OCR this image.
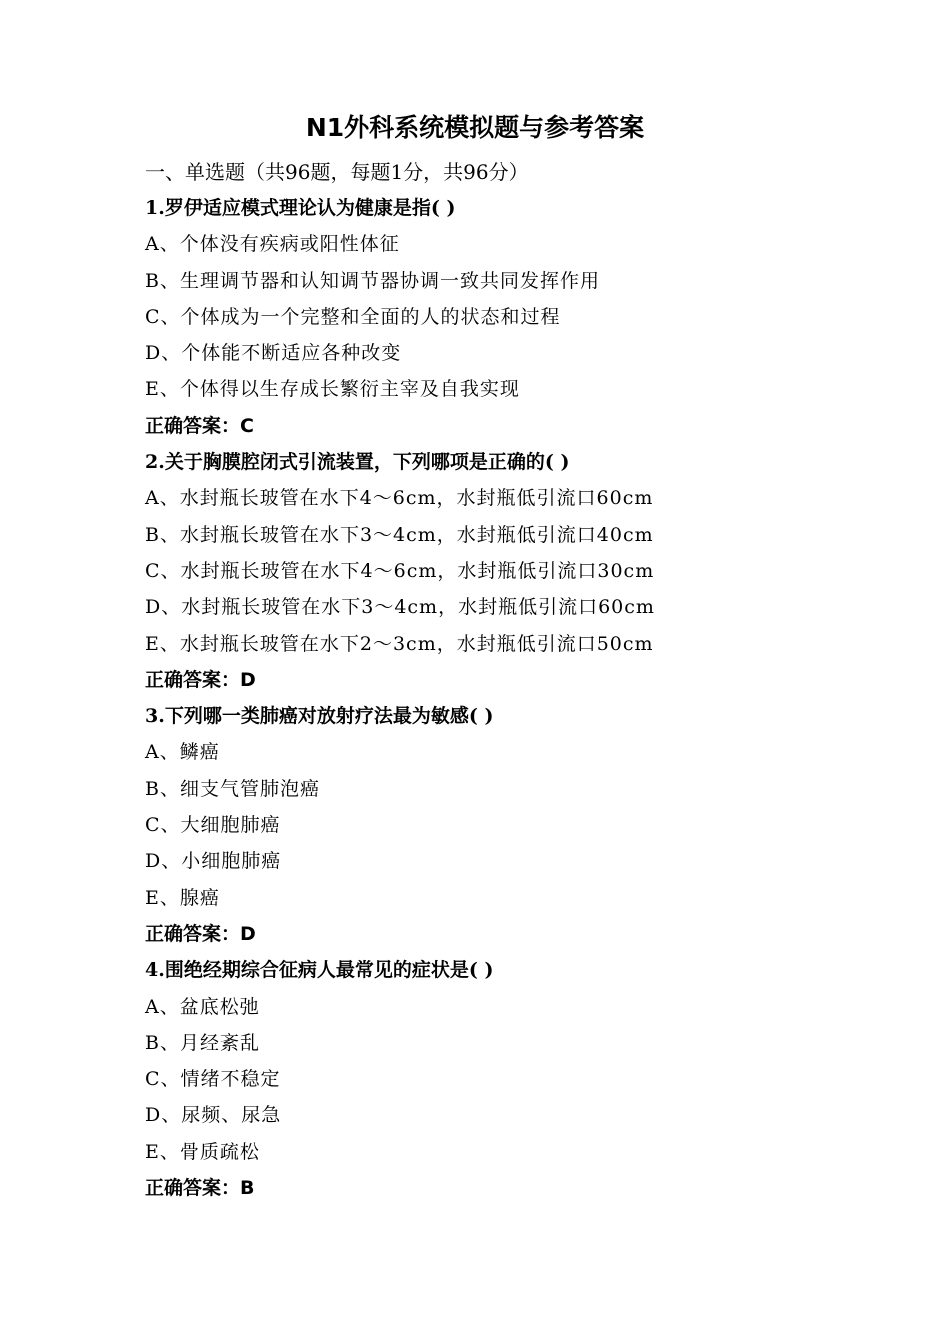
N1外科系统模拟题与参考答案
一、单选题（共96题，每题1分，共96分）
1.罗伊适应模式理论认为健康是指( )
A、个体没有疾病或阳性体征
B、生理调节器和认知调节器协调一致共同发挥作用
C、个体成为一个完整和全面的人的状态和过程
D、个体能不断适应各种改变
E、个体得以生存成长繁衍主宰及自我实现
正确答案：C
2.关于胸膜腔闭式引流装置，下列哪项是正确的( )
A、水封瓶长玻管在水下4～6cm，水封瓶低引流口60cm
B、水封瓶长玻管在水下3～4cm，水封瓶低引流口40cm
C、水封瓶长玻管在水下4～6cm，水封瓶低引流口30cm
D、水封瓶长玻管在水下3～4cm，水封瓶低引流口60cm
E、水封瓶长玻管在水下2～3cm，水封瓶低引流口50cm
正确答案：D
3.下列哪一类肺癌对放射疗法最为敏感( )
A、鳞癌
B、细支气管肺泡癌
C、大细胞肺癌
D、小细胞肺癌
E、腺癌
正确答案：D
4.围绝经期综合征病人最常见的症状是( )
A、盆底松弛
B、月经紊乱
C、情绪不稳定
D、尿频、尿急
E、骨质疏松
正确答案：B
